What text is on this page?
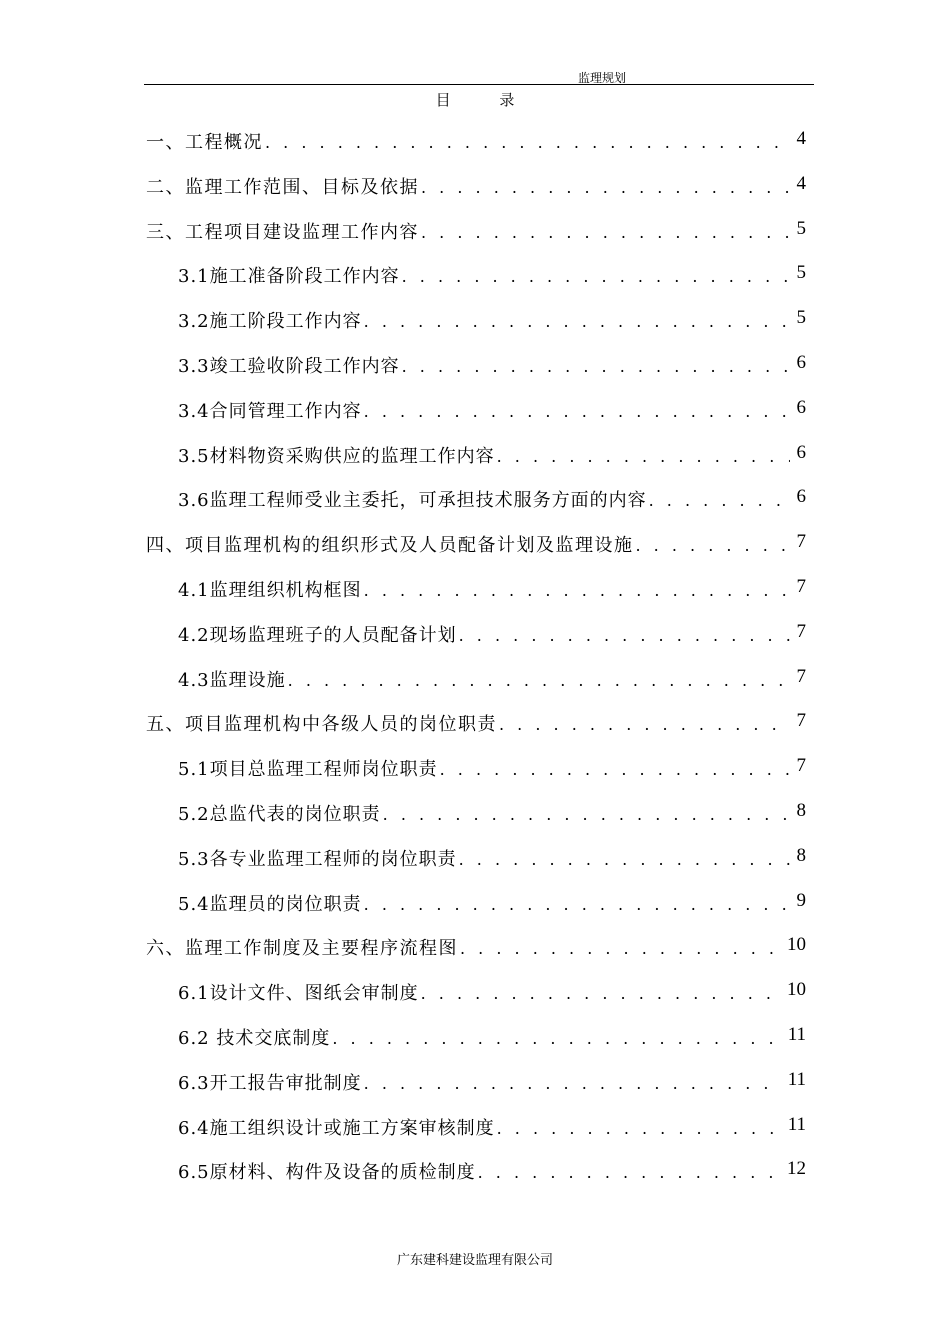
监理规划
目 录
一、工程概况 . . .	4
二、监理工作范围、目标及依据 . . .	4
三、工程项目建设监理工作内容 . . .	5
3.1施工准备阶段工作内容 . . .	5
3.2施工阶段工作内容 . . .	5
3.3竣工验收阶段工作内容 . . .	6
3.4合同管理工作内容 . . .	6
3.5材料物资采购供应的监理工作内容 . . .	6
3.6监理工程师受业主委托，可承担技术服务方面的内容 . . .	6
四、项目监理机构的组织形式及人员配备计划及监理设施 . . .	7
4.1监理组织机构框图 . . .	7
4.2现场监理班子的人员配备计划 . . .	7
4.3监理设施 . . .	7
五、项目监理机构中各级人员的岗位职责 . . .	7
5.1项目总监理工程师岗位职责 . . .	7
5.2总监代表的岗位职责 . . .	8
5.3各专业监理工程师的岗位职责 . . .	8
5.4监理员的岗位职责 . . .	9
六、监理工作制度及主要程序流程图 . . .	10
6.1设计文件、图纸会审制度 . . .	10
6.2 技术交底制度 . . .	11
6.3开工报告审批制度 . . .	11
6.4施工组织设计或施工方案审核制度 . . .	11
6.5原材料、构件及设备的质检制度 . . .	12
广东建科建设监理有限公司
